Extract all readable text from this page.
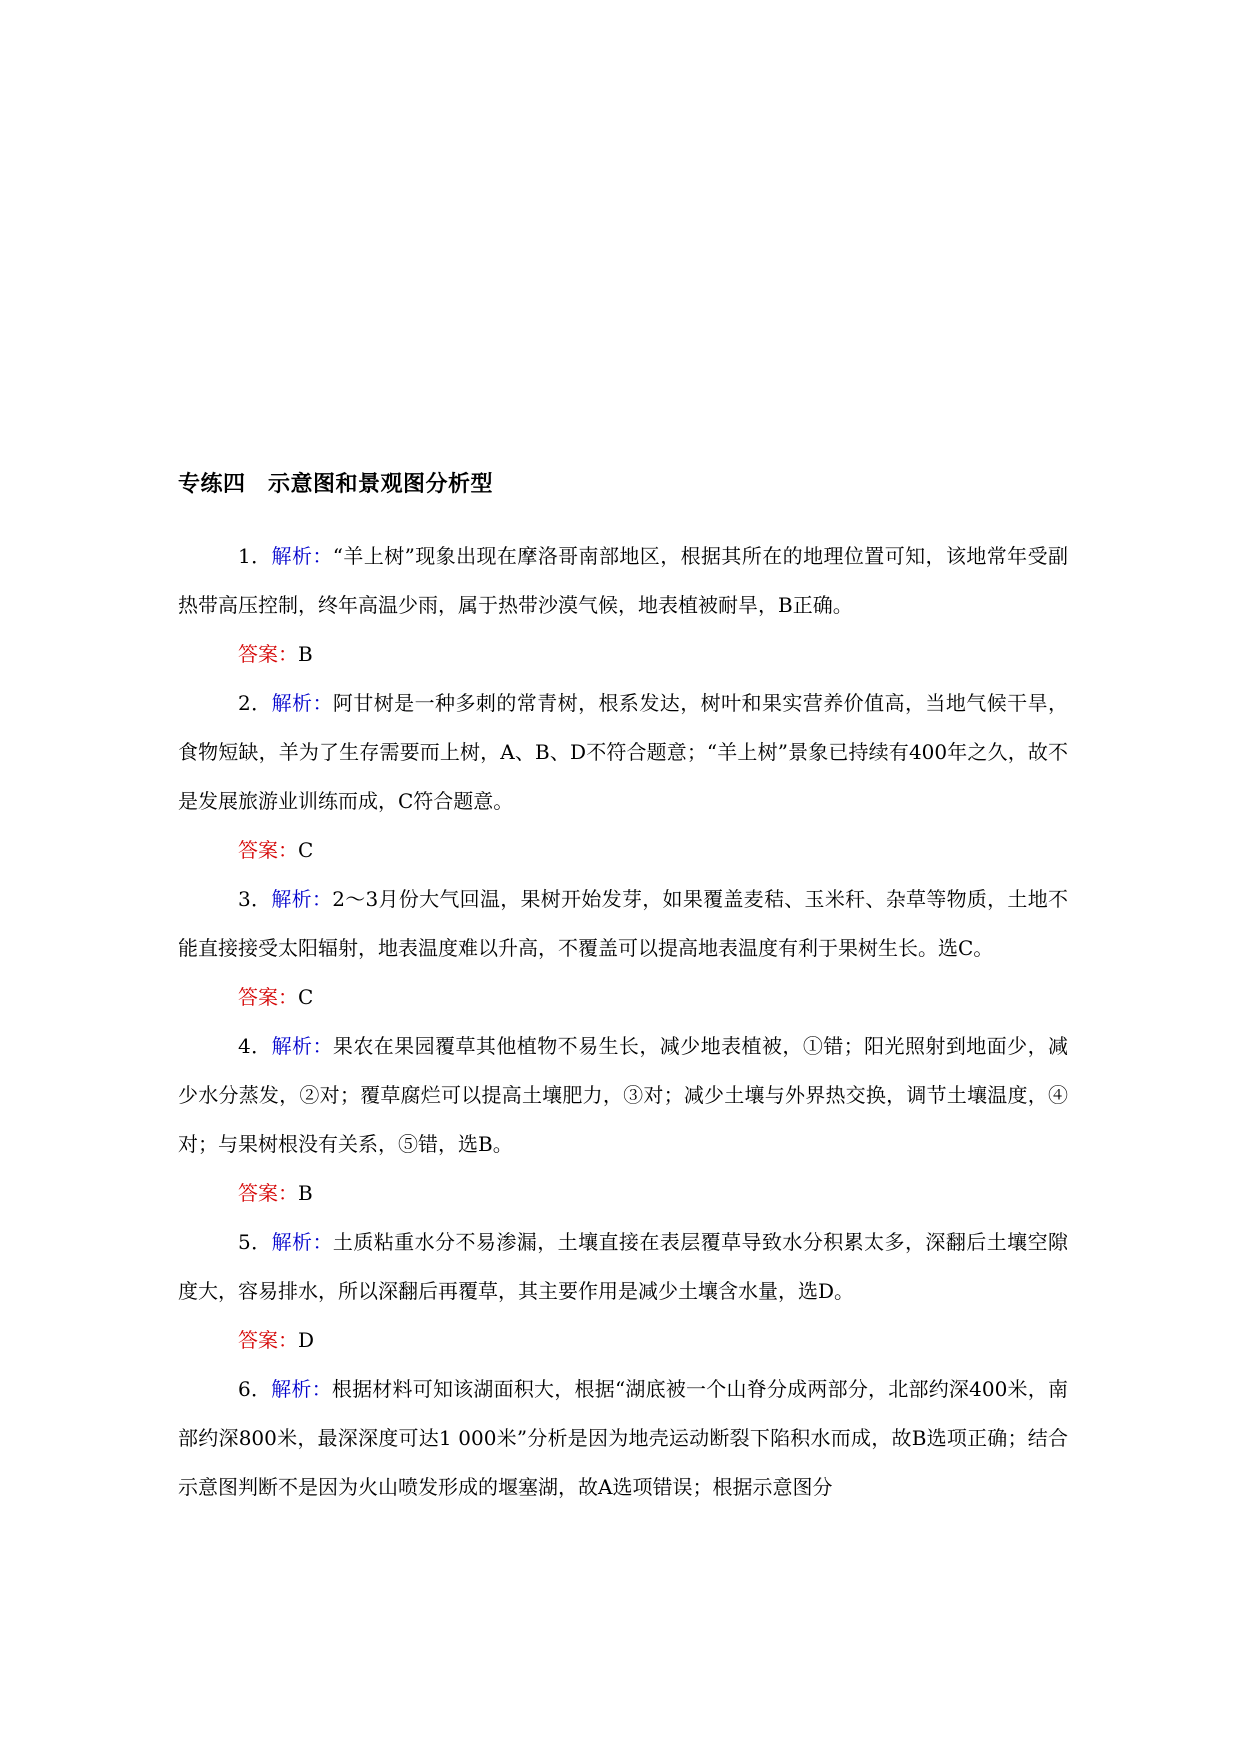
专练四　示意图和景观图分析型

1．解析：“羊上树”现象出现在摩洛哥南部地区，根据其所在的地理位置可知，该地常年受副热带高压控制，终年高温少雨，属于热带沙漠气候，地表植被耐旱，B正确。

答案：B

2．解析：阿甘树是一种多刺的常青树，根系发达，树叶和果实营养价值高，当地气候干旱，食物短缺，羊为了生存需要而上树，A、B、D不符合题意；“羊上树”景象已持续有400年之久，故不是发展旅游业训练而成，C符合题意。

答案：C

3．解析：2～3月份大气回温，果树开始发芽，如果覆盖麦秸、玉米秆、杂草等物质，土地不能直接接受太阳辐射，地表温度难以升高，不覆盖可以提高地表温度有利于果树生长。选C。

答案：C

4．解析：果农在果园覆草其他植物不易生长，减少地表植被，①错；阳光照射到地面少，减少水分蒸发，②对；覆草腐烂可以提高土壤肥力，③对；减少土壤与外界热交换，调节土壤温度，④对；与果树根没有关系，⑤错，选B。

答案：B

5．解析：土质粘重水分不易渗漏，土壤直接在表层覆草导致水分积累太多，深翻后土壤空隙度大，容易排水，所以深翻后再覆草，其主要作用是减少土壤含水量，选D。

答案：D

6．解析：根据材料可知该湖面积大，根据“湖底被一个山脊分成两部分，北部约深400米，南部约深800米，最深深度可达1 000米”分析是因为地壳运动断裂下陷积水而成，故B选项正确；结合示意图判断不是因为火山喷发形成的堰塞湖，故A选项错误；根据示意图分
